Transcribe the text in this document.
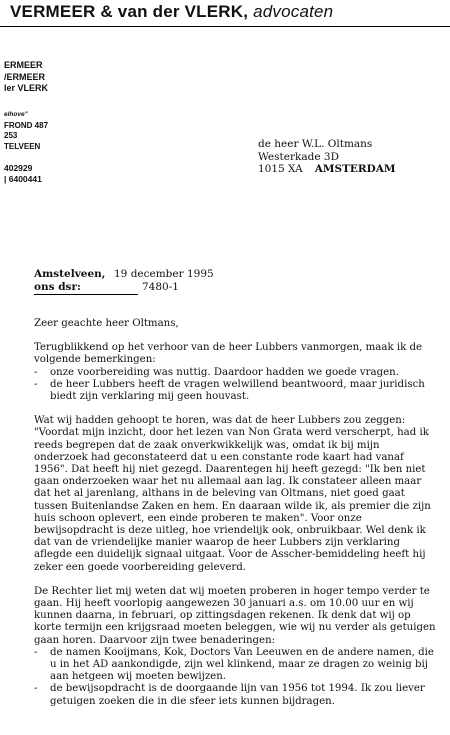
VERMEER & van der VLERK, advocaten
ERMEER
/ERMEER
ler VLERK
elhove"
FROND 487
253
TELVEEN
402929
| 6400441
de heer W.L. Oltmans
Westerkade 3D
1015 XA AMSTERDAM
Amstelveen, 19 december 1995
ons dsr:	7480-1

Zeer geachte heer Oltmans,

Terugblikkend op het verhoor van de heer Lubbers vanmorgen, maak ik de volgende bemerkingen:

- onze voorbereiding was nuttig. Daardoor hadden we goede vragen.
- de heer Lubbers heeft de vragen welwillend beantwoord, maar juridisch biedt zijn verklaring mij geen houvast.

Wat wij hadden gehoopt te horen, was dat de heer Lubbers zou zeggen: "Voordat mijn inzicht, door het lezen van Non Grata werd verscherpt, had ik reeds begrepen dat de zaak onverkwikkelijk was, omdat ik bij mijn onderzoek had geconstateerd dat u een constante rode kaart had vanaf 1956". Dat heeft hij niet gezegd. Daarentegen hij heeft gezegd: "Ik ben niet gaan onderzoeken waar het nu allemaal aan lag. Ik constateer alleen maar dat het al jarenlang, althans in de beleving van Oltmans, niet goed gaat tussen Buitenlandse Zaken en hem. En daaraan wilde ik, als premier die zijn huis schoon oplevert, een einde proberen te maken". Voor onze bewijsopdracht is deze uitleg, hoe vriendelijk ook, onbruikbaar. Wel denk ik dat van de vriendelijke manier waarop de heer Lubbers zijn verklaring aflegde een duidelijk signaal uitgaat. Voor de Asscher-bemiddeling heeft hij zeker een goede voorbereiding geleverd.

De Rechter liet mij weten dat wij moeten proberen in hoger tempo verder te gaan. Hij heeft voorlopig aangewezen 30 januari a.s. om 10.00 uur en wij kunnen daarna, in februari, op zittingsdagen rekenen. Ik denk dat wij op korte termijn een krijgsraad moeten beleggen, wie wij nu verder als getuigen gaan horen. Daarvoor zijn twee benaderingen:

- de namen Kooijmans, Kok, Doctors Van Leeuwen en de andere namen, die u in het AD aankondigde, zijn wel klinkend, maar ze dragen zo weinig bij aan hetgeen wij moeten bewijzen.
- de bewijsopdracht is de doorgaande lijn van 1956 tot 1994. Ik zou liever getuigen zoeken die in die sfeer iets kunnen bijdragen.
